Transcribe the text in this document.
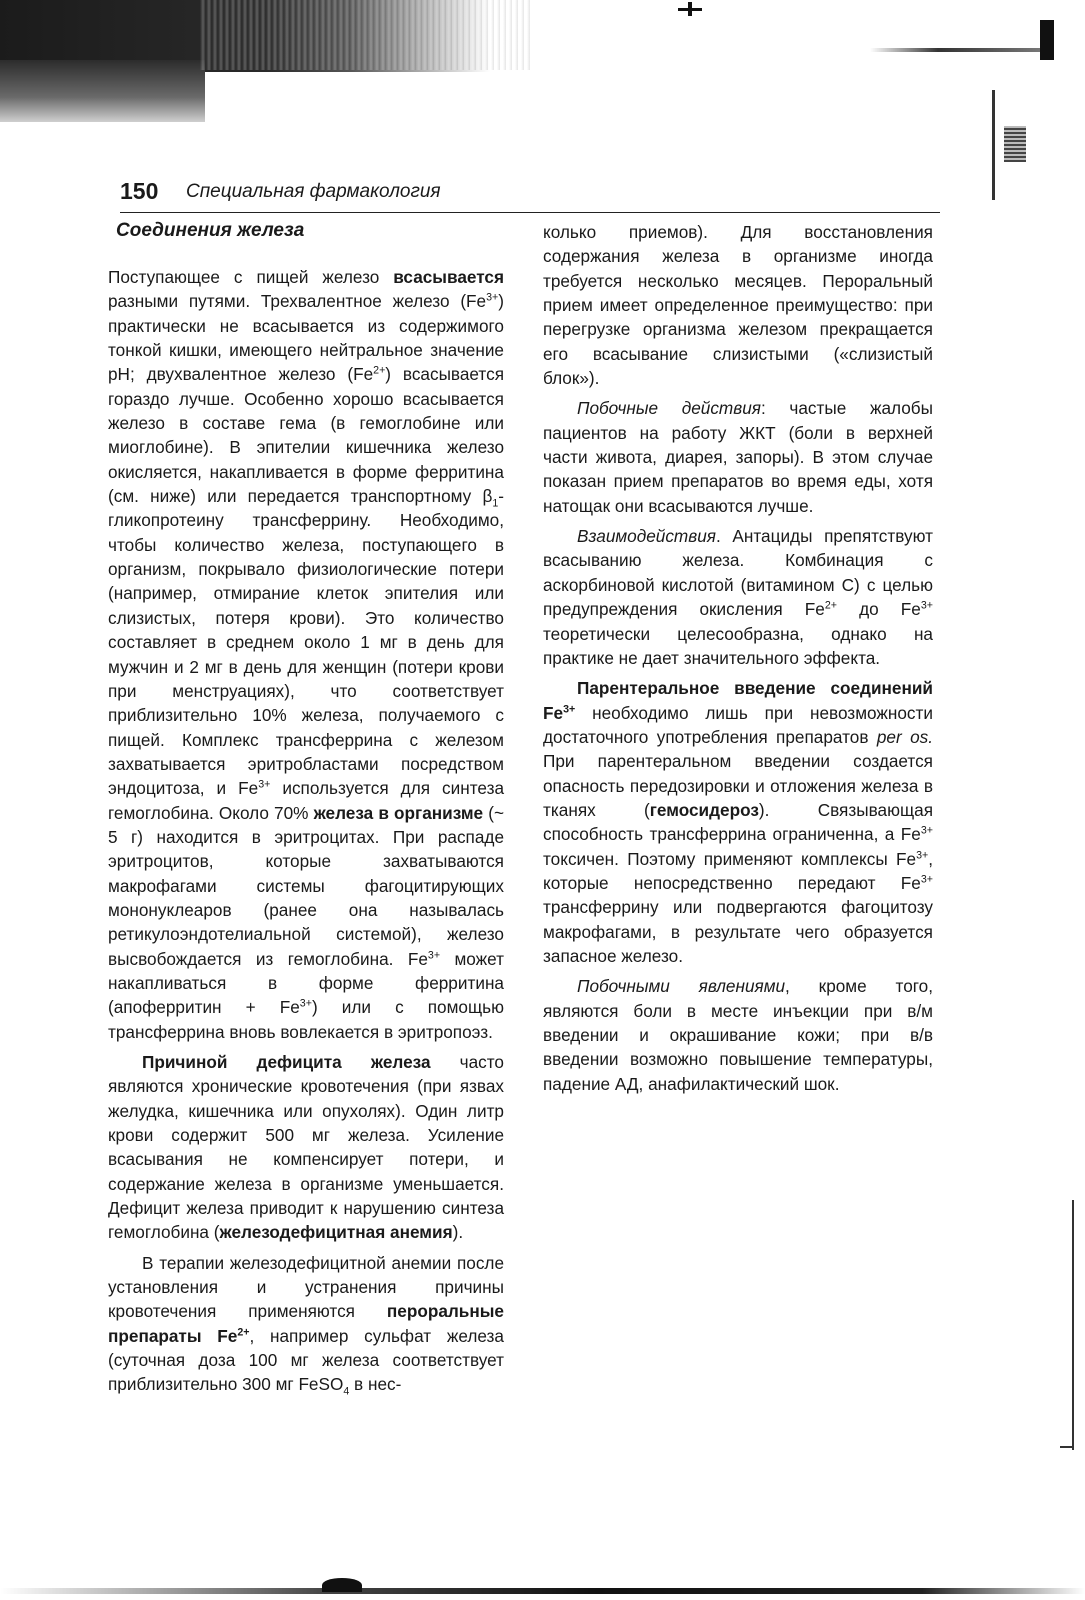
150 Специальная фармакология

Соединения железа

Поступающее с пищей железо всасывается разными путями. Трехвалентное железо $(Fe^{3+})$ практически не всасывается из содержимого тонкой кишки, имеющего нейтральное значение pH; двухвалентное железо $(Fe^{2+})$ всасывается гораздо лучше. Особенно хорошо всасывается железо в составе гема (в гемоглобине или миоглобине). В эпителии кишечника железо окисляется, накапливается в форме ферритина (см. ниже) или передается транспортному $\beta_1$-гликопротеину трансферрину. Необходимо, чтобы количество железа, поступающего в организм, покрывало физиологические потери (например, отмирание клеток эпителия или слизистых, потеря крови). Это количество составляет в среднем около 1 мг в день для мужчин и 2 мг в день для женщин (потери крови при менструациях), что соответствует приблизительно 10% железа, получаемого с пищей. Комплекс трансферрина с железом захватывается эритробластами посредством эндоцитоза, и $Fe^{3+}$ используется для синтеза гемоглобина. Около 70% железа в организме (~ 5 г) находится в эритроцитах. При распаде эритроцитов, которые захватываются макрофагами системы фагоцитирующих мононуклеаров (ранее она называлась ретикулоэндотелиальной системой), железо высвобождается из гемоглобина. $Fe^{3+}$ может накапливаться в форме ферритина (апоферритин + $Fe^{3+}$) или с помощью трансферрина вновь вовлекается в эритропоэз.

Причиной дефицита железа часто являются хронические кровотечения (при язвах желудка, кишечника или опухолях). Один литр крови содержит 500 мг железа. Усиление всасывания не компенсирует потери, и содержание железа в организме уменьшается. Дефицит железа приводит к нарушению синтеза гемоглобина (железодефицитная анемия).

В терапии железодефицитной анемии после установления и устранения причины кровотечения применяются пероральные препараты $Fe^{2+}$, например сульфат железа (суточная доза 100 мг железа соответствует приблизительно 300 мг FeSO$_4$ в нес-

колько приемов). Для восстановления содержания железа в организме иногда требуется несколько месяцев. Пероральный прием имеет определенное преимущество: при перегрузке организма железом прекращается его всасывание слизистыми («слизистый блок»).

Побочные действия: частые жалобы пациентов на работу ЖКТ (боли в верхней части живота, диарея, запоры). В этом случае показан прием препаратов во время еды, хотя натощак они всасываются лучше.

Взаимодействия. Антациды препятствуют всасыванию железа. Комбинация с аскорбиновой кислотой (витамином С) с целью предупреждения окисления $Fe^{2+}$ до $Fe^{3+}$ теоретически целесообразна, однако на практике не дает значительного эффекта.

Парентеральное введение соединений $Fe^{3+}$ необходимо лишь при невозможности достаточного употребления препаратов per os. При парентеральном введении создается опасность передозировки и отложения железа в тканях (гемосидероз). Связывающая способность трансферрина ограниченна, а $Fe^{3+}$ токсичен. Поэтому применяют комплексы $Fe^{3+}$, которые непосредственно передают $Fe^{3+}$ трансферрину или подвергаются фагоцитозу макрофагами, в результате чего образуется запасное железо.

Побочными явлениями, кроме того, являются боли в месте инъекции при в/м введении и окрашивание кожи; при в/в введении возможно повышение температуры, падение АД, анафилактический шок.
